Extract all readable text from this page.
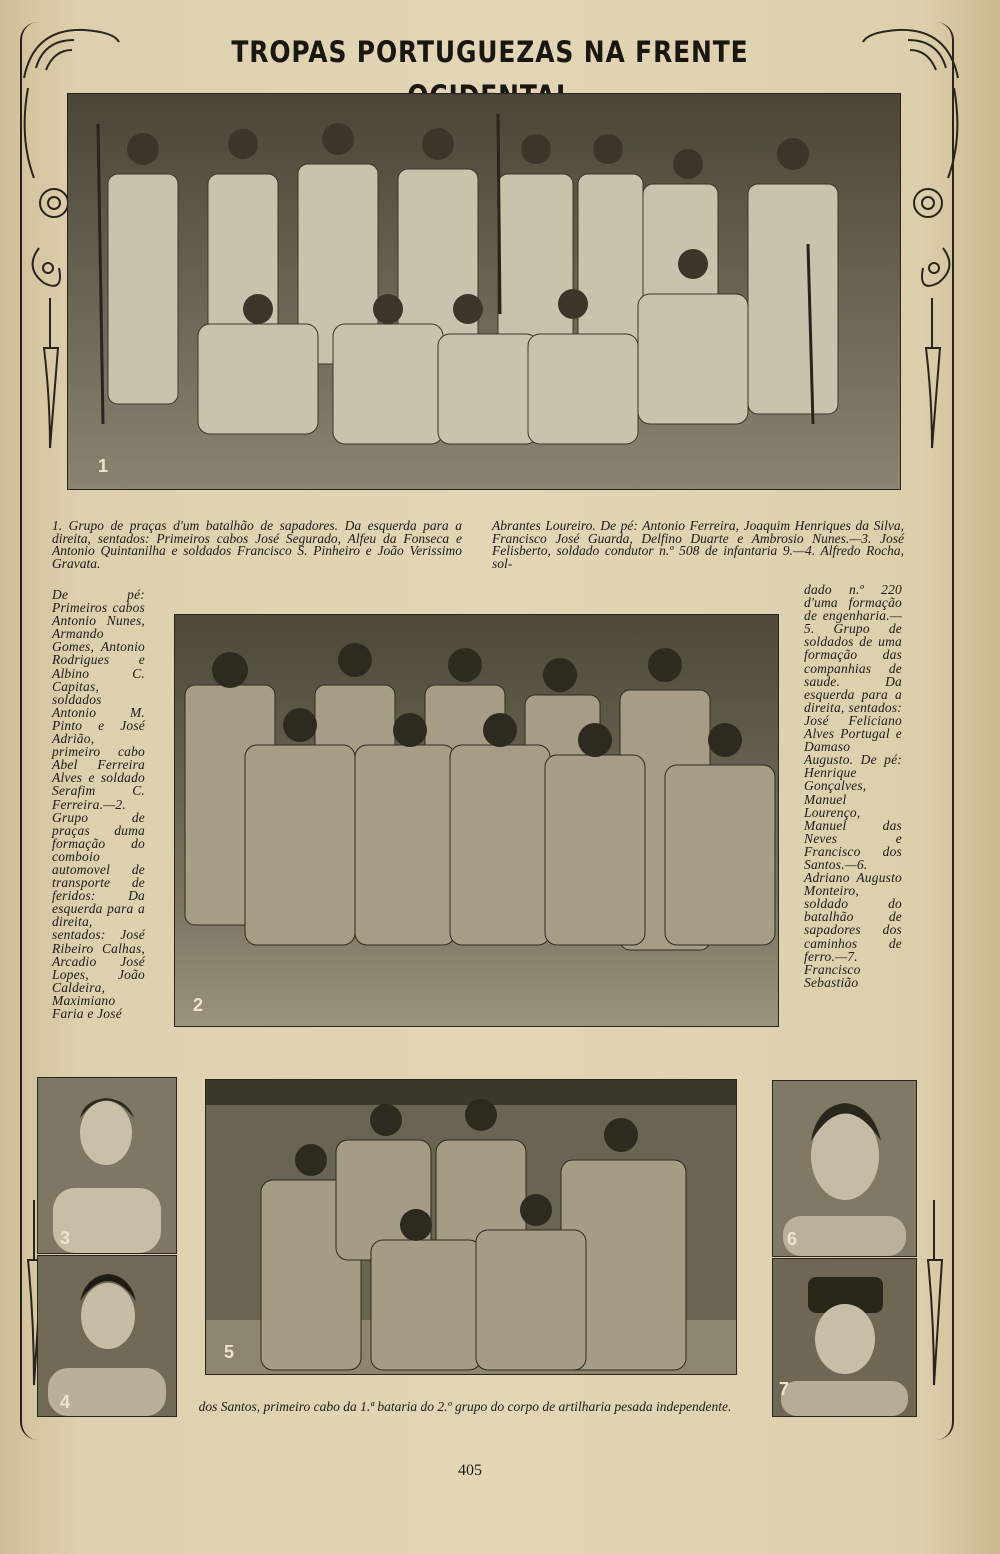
TROPAS PORTUGUEZAS NA FRENTE
1
1. Grupo de praças d'um batalhão de sapadores. Da esquerda para a direita, sentados: Primeiros cabos José Segurado, Alfeu da Fonseca e Antonio Quintanilha e soldados Francisco S. Pinheiro e João Verissimo Gravata.
Abrantes Loureiro. De pé: Antonio Ferreira, Joaquim Henriques da Silva, Francisco José Guarda, Delfino Duarte e Ambrosio Nunes.—3. José Felisberto, soldado condutor n.º 508 de infantaria 9.—4. Alfredo Rocha, sol-
2
De pé: Primeiros cabos Antonio Nunes, Armando Gomes, Antonio Rodrigues e Albino C. Capitas, soldados Antonio M. Pinto e José Adrião, primeiro cabo Abel Ferreira Alves e soldado Serafim C. Ferreira.—2. Grupo de praças duma formação do comboio automovel de transporte de feridos: Da esquerda para a direita, sentados: José Ribeiro Calhas, Arcadio José Lopes, João Caldeira, Maximiano Faria e José
dado n.º 220 d'uma formação de engenharia.—5. Grupo de soldados de uma formação das companhias de saude. Da esquerda para a direita, sentados: José Feliciano Alves Portugal e Damaso Augusto. De pé: Henrique Gonçalves, Manuel Lourenço, Manuel das Neves e Francisco dos Santos.—6. Adriano Augusto Monteiro, soldado do batalhão de sapadores dos caminhos de ferro.—7. Francisco Sebastião
3
4
5
6
7
dos Santos, primeiro cabo da 1.ª bataria do 2.º grupo do corpo de artilharia pesada independente.
405
